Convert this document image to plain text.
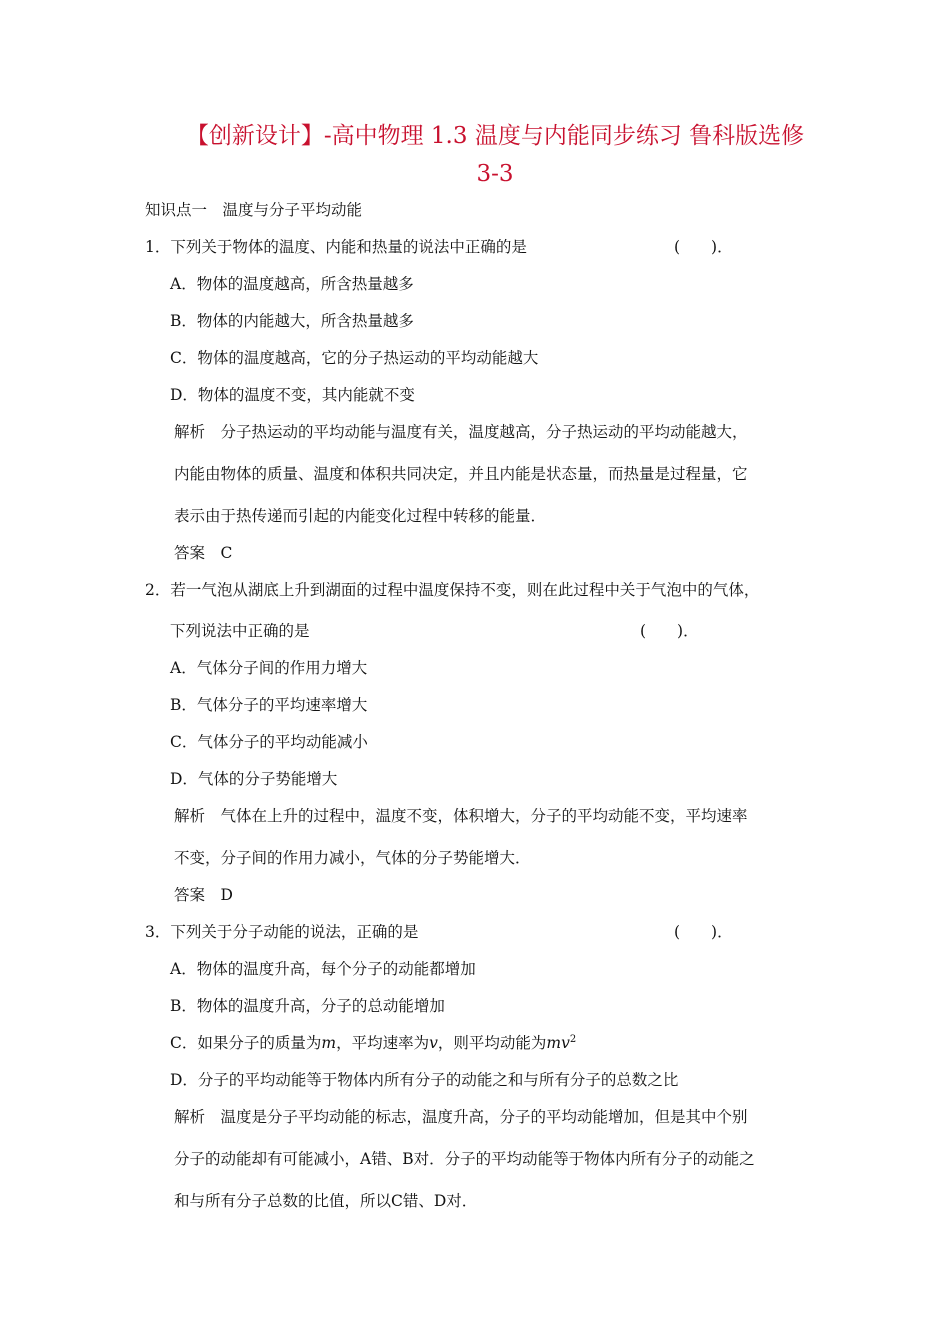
【创新设计】-高中物理 1.3 温度与内能同步练习 鲁科版选修
3-3
知识点一　温度与分子平均动能
1．下列关于物体的温度、内能和热量的说法中正确的是	(　　)．
A．物体的温度越高，所含热量越多
B．物体的内能越大，所含热量越多
C．物体的温度越高，它的分子热运动的平均动能越大
D．物体的温度不变，其内能就不变
解析　分子热运动的平均动能与温度有关，温度越高，分子热运动的平均动能越大，
内能由物体的质量、温度和体积共同决定，并且内能是状态量，而热量是过程量，它
表示由于热传递而引起的内能变化过程中转移的能量．
答案　C
2．若一气泡从湖底上升到湖面的过程中温度保持不变，则在此过程中关于气泡中的气体，
下列说法中正确的是	(　　)．
A．气体分子间的作用力增大
B．气体分子的平均速率增大
C．气体分子的平均动能减小
D．气体的分子势能增大
解析　气体在上升的过程中，温度不变，体积增大，分子的平均动能不变，平均速率
不变，分子间的作用力减小，气体的分子势能增大．
答案　D
3．下列关于分子动能的说法，正确的是	(　　)．
A．物体的温度升高，每个分子的动能都增加
B．物体的温度升高，分子的总动能增加
C．如果分子的质量为m，平均速率为v，则平均动能为$mv^2$
D．分子的平均动能等于物体内所有分子的动能之和与所有分子的总数之比
解析　温度是分子平均动能的标志，温度升高，分子的平均动能增加，但是其中个别
分子的动能却有可能减小，A错、B对．分子的平均动能等于物体内所有分子的动能之
和与所有分子总数的比值，所以C错、D对．
